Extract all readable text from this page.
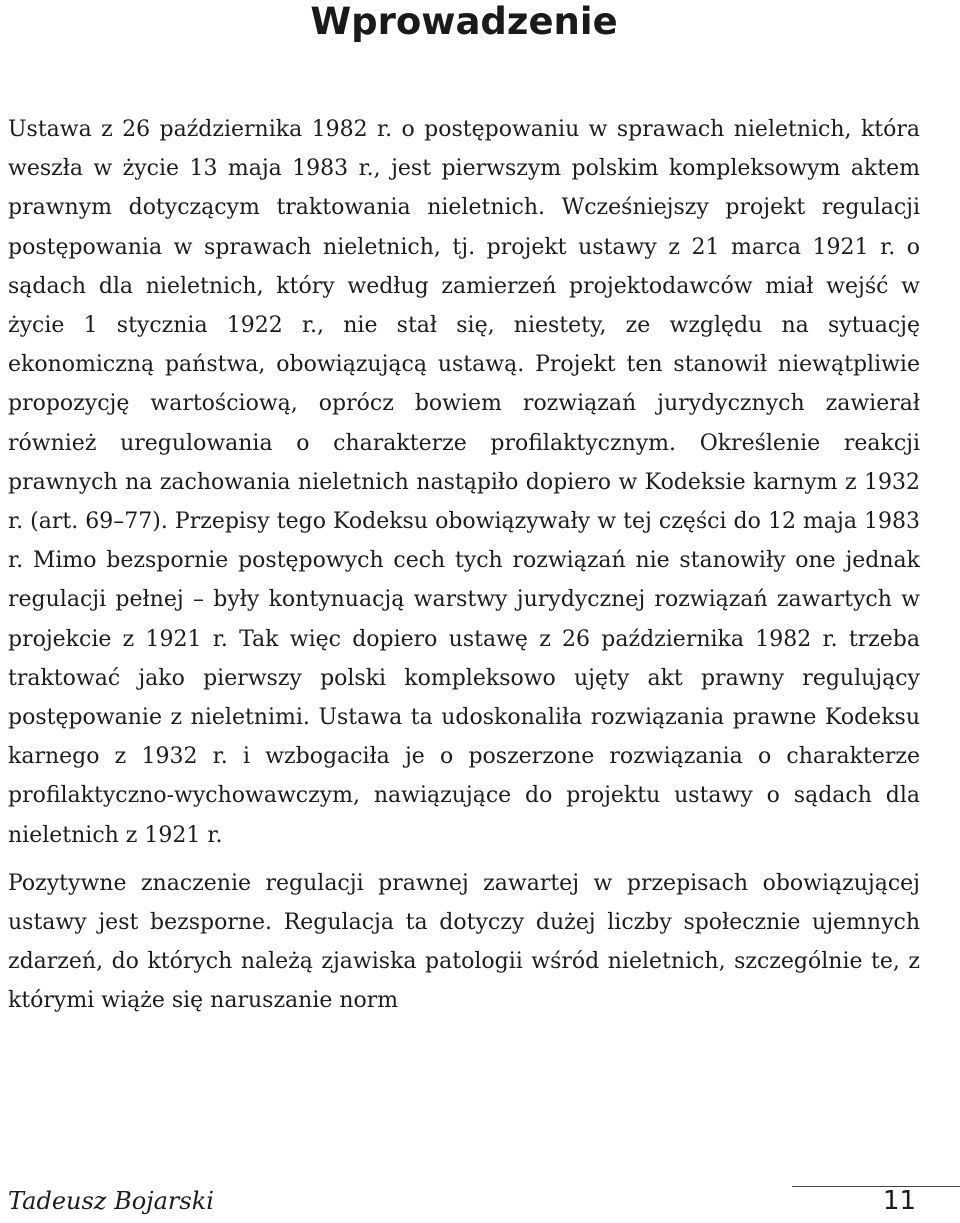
Wprowadzenie

Ustawa z 26 października 1982 r. o postępowaniu w sprawach nieletnich, która weszła w życie 13 maja 1983 r., jest pierwszym polskim kompleksowym aktem prawnym dotyczącym traktowania nieletnich. Wcześniejszy projekt regulacji postępowania w sprawach nieletnich, tj. projekt ustawy z 21 marca 1921 r. o sądach dla nieletnich, który według zamierzeń projektodawców miał wejść w życie 1 stycznia 1922 r., nie stał się, niestety, ze względu na sytuację ekonomiczną państwa, obowiązującą ustawą. Projekt ten stanowił niewątpliwie propozycję wartościową, oprócz bowiem rozwiązań jurydycznych zawierał również uregulowania o charakterze profilaktycznym. Określenie reakcji prawnych na zachowania nieletnich nastąpiło dopiero w Kodeksie karnym z 1932 r. (art. 69–77). Przepisy tego Kodeksu obowiązywały w tej części do 12 maja 1983 r. Mimo bezspornie postępowych cech tych rozwiązań nie stanowiły one jednak regulacji pełnej – były kontynuacją warstwy jurydycznej rozwiązań zawartych w projekcie z 1921 r. Tak więc dopiero ustawę z 26 października 1982 r. trzeba traktować jako pierwszy polski kompleksowo ujęty akt prawny regulujący postępowanie z nieletnimi. Ustawa ta udoskonaliła rozwiązania prawne Kodeksu karnego z 1932 r. i wzbogaciła je o poszerzone rozwiązania o charakterze profilaktyczno-wychowawczym, nawiązujące do projektu ustawy o sądach dla nieletnich z 1921 r.

Pozytywne znaczenie regulacji prawnej zawartej w przepisach obowiązującej ustawy jest bezsporne. Regulacja ta dotyczy dużej liczby społecznie ujemnych zdarzeń, do których należą zjawiska patologii wśród nieletnich, szczególnie te, z którymi wiąże się naruszanie norm

Tadeusz Bojarski	11
